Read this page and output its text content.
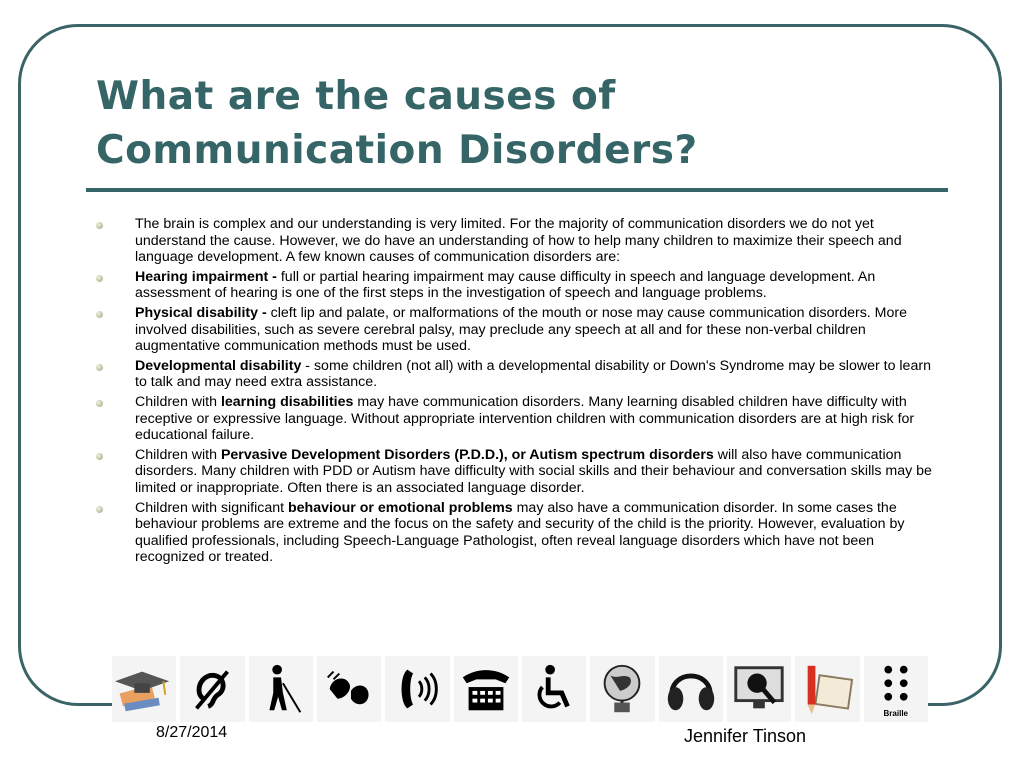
What are the causes of
Communication Disorders?
The brain is complex and our understanding is very limited. For the majority of communication disorders we do not yet understand the cause. However, we do have an understanding of how to help many children to maximize their speech and language development. A few known causes of communication disorders are:
Hearing impairment - full or partial hearing impairment may cause difficulty in speech and language development. An assessment of hearing is one of the first steps in the investigation of speech and language problems.
Physical disability - cleft lip and palate, or malformations of the mouth or nose may cause communication disorders. More involved disabilities, such as severe cerebral palsy, may preclude any speech at all and for these non-verbal children augmentative communication methods must be used.
Developmental disability - some children (not all) with a developmental disability or Down's Syndrome may be slower to learn to talk and may need extra assistance.
Children with learning disabilities may have communication disorders. Many learning disabled children have difficulty with receptive or expressive language. Without appropriate intervention children with communication disorders are at high risk for educational failure.
Children with Pervasive Development Disorders (P.D.D.), or Autism spectrum disorders will also have communication disorders. Many children with PDD or Autism have difficulty with social skills and their behaviour and conversation skills may be limited or inappropriate. Often there is an associated language disorder.
Children with significant behaviour or emotional problems may also have a communication disorder. In some cases the behaviour problems are extreme and the focus on the safety and security of the child is the priority. However, evaluation by qualified professionals, including Speech-Language Pathologist, often reveal language disorders which have not been recognized or treated.
Braille
8/27/2014	Jennifer Tinson
